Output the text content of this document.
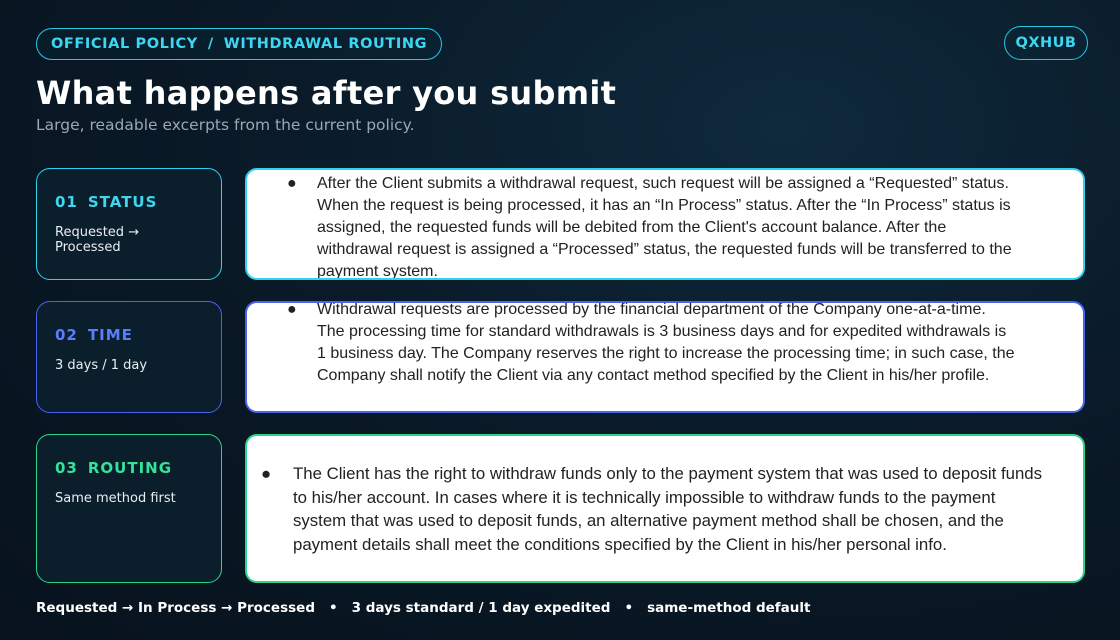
OFFICIAL POLICY / WITHDRAWAL ROUTING	QXHUB
What happens after you submit

Large, readable excerpts from the current policy.

01 STATUS
Requested → Processed
● After the Client submits a withdrawal request, such request will be assigned a “Requested” status. When the request is being processed, it has an “In Process” status. After the “In Process” status is assigned, the requested funds will be debited from the Client's account balance. After the withdrawal request is assigned a “Processed” status, the requested funds will be transferred to the payment system.

02 TIME
3 days / 1 day
● Withdrawal requests are processed by the financial department of the Company one-at-a-time. The processing time for standard withdrawals is 3 business days and for expedited withdrawals is 1 business day. The Company reserves the right to increase the processing time; in such case, the Company shall notify the Client via any contact method specified by the Client in his/her profile.

03 ROUTING
Same method first
● The Client has the right to withdraw funds only to the payment system that was used to deposit funds to his/her account. In cases where it is technically impossible to withdraw funds to the payment system that was used to deposit funds, an alternative payment method shall be chosen, and the payment details shall meet the conditions specified by the Client in his/her personal info.

Requested → In Process → Processed • 3 days standard / 1 day expedited • same-method default
